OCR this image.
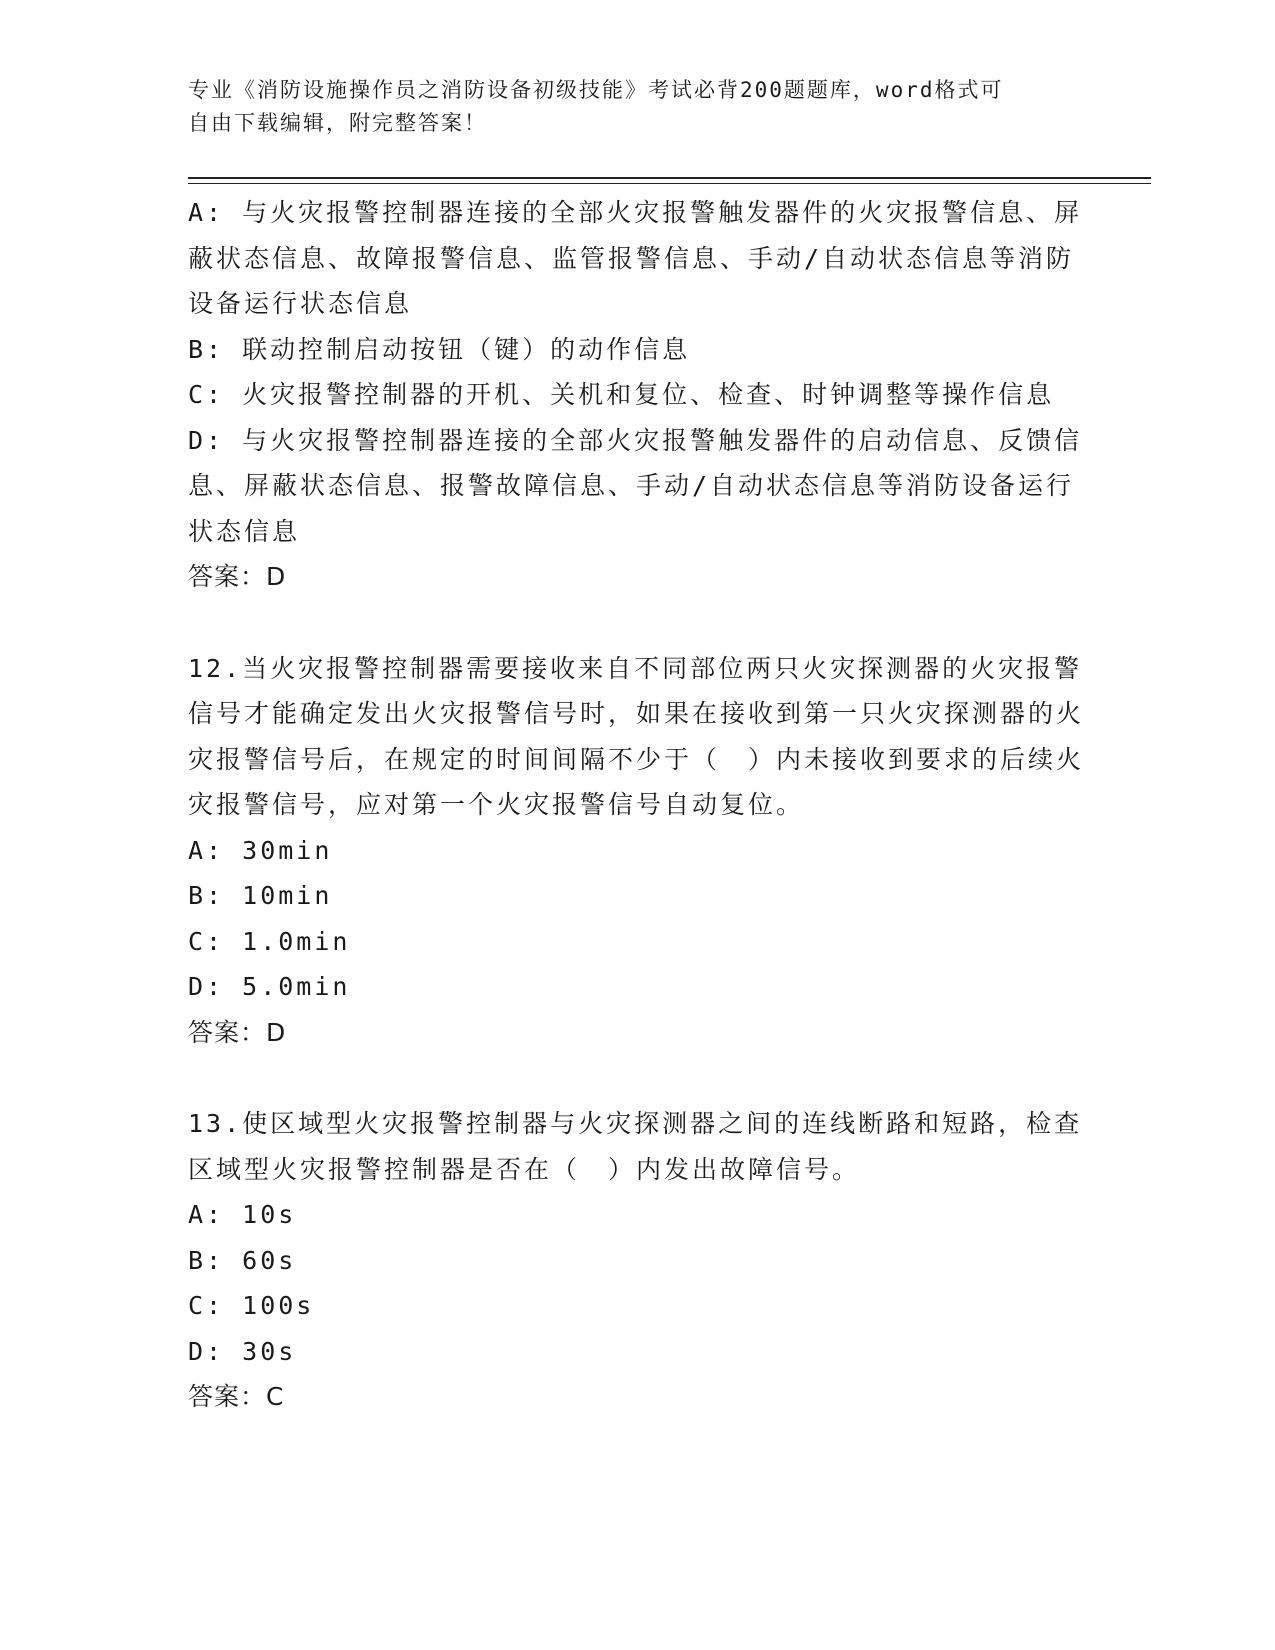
专业《消防设施操作员之消防设备初级技能》考试必背200题题库，word格式可
自由下载编辑，附完整答案！

A: 与火灾报警控制器连接的全部火灾报警触发器件的火灾报警信息、屏蔽状态信息、故障报警信息、监管报警信息、手动/自动状态信息等消防设备运行状态信息

B: 联动控制启动按钮（键）的动作信息

C: 火灾报警控制器的开机、关机和复位、检查、时钟调整等操作信息

D: 与火灾报警控制器连接的全部火灾报警触发器件的启动信息、反馈信息、屏蔽状态信息、报警故障信息、手动/自动状态信息等消防设备运行状态信息

答案：D

12.当火灾报警控制器需要接收来自不同部位两只火灾探测器的火灾报警信号才能确定发出火灾报警信号时，如果在接收到第一只火灾探测器的火灾报警信号后，在规定的时间间隔不少于（　）内未接收到要求的后续火灾报警信号，应对第一个火灾报警信号自动复位。

A: 30min

B: 10min

C: 1.0min

D: 5.0min

答案：D

13.使区域型火灾报警控制器与火灾探测器之间的连线断路和短路，检查区域型火灾报警控制器是否在（　）内发出故障信号。

A: 10s

B: 60s

C: 100s

D: 30s

答案：C
